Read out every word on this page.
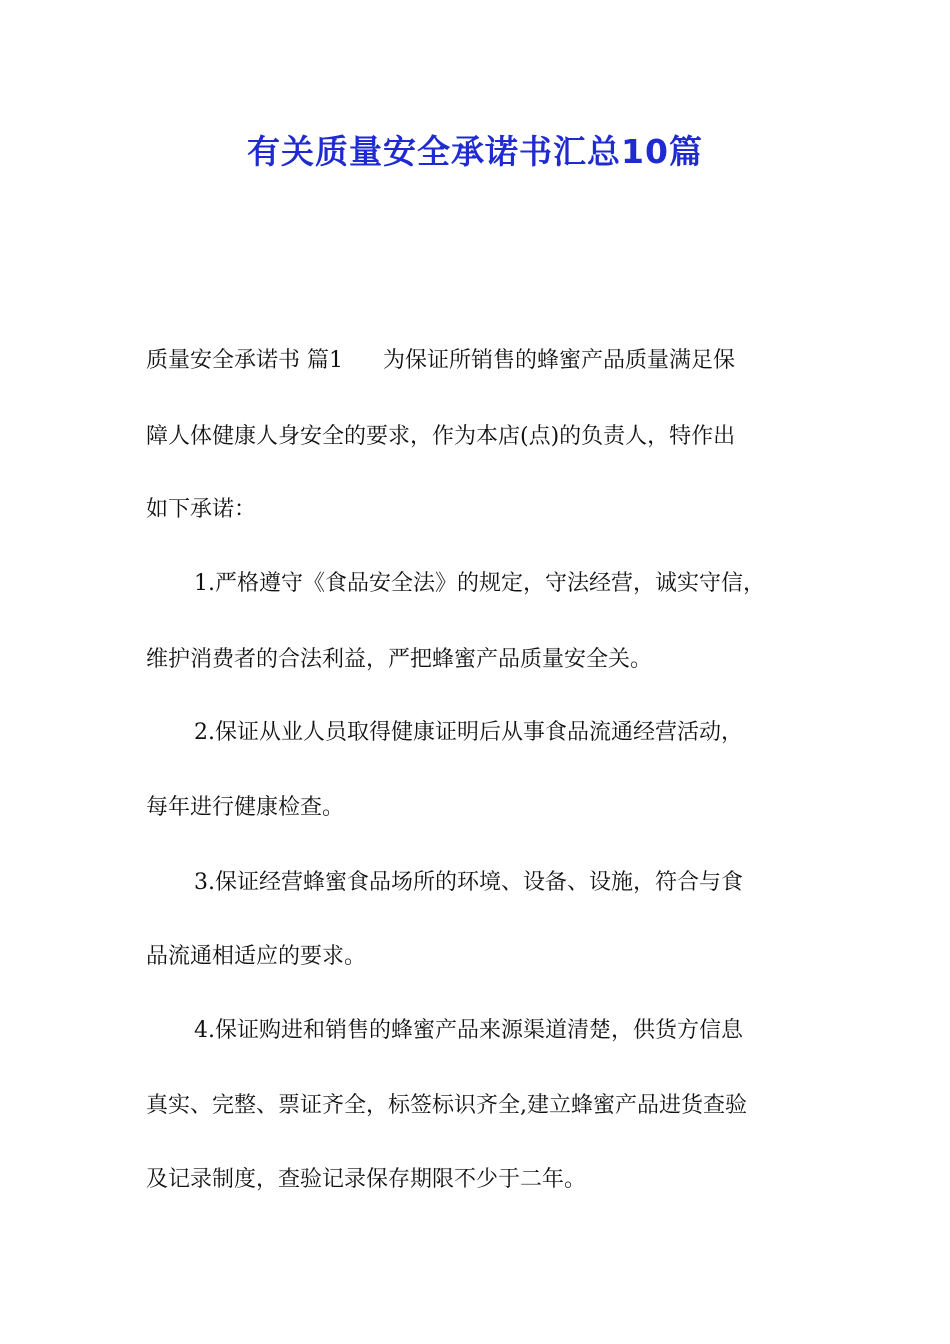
有关质量安全承诺书汇总10篇

质量安全承诺书 篇1 为保证所销售的蜂蜜产品质量满足保

障人体健康人身安全的要求，作为本店(点)的负责人，特作出

如下承诺：

1.严格遵守《食品安全法》的规定，守法经营，诚实守信，

维护消费者的合法利益，严把蜂蜜产品质量安全关。

2.保证从业人员取得健康证明后从事食品流通经营活动，

每年进行健康检查。

3.保证经营蜂蜜食品场所的环境、设备、设施，符合与食

品流通相适应的要求。

4.保证购进和销售的蜂蜜产品来源渠道清楚，供货方信息

真实、完整、票证齐全，标签标识齐全,建立蜂蜜产品进货查验

及记录制度，查验记录保存期限不少于二年。
